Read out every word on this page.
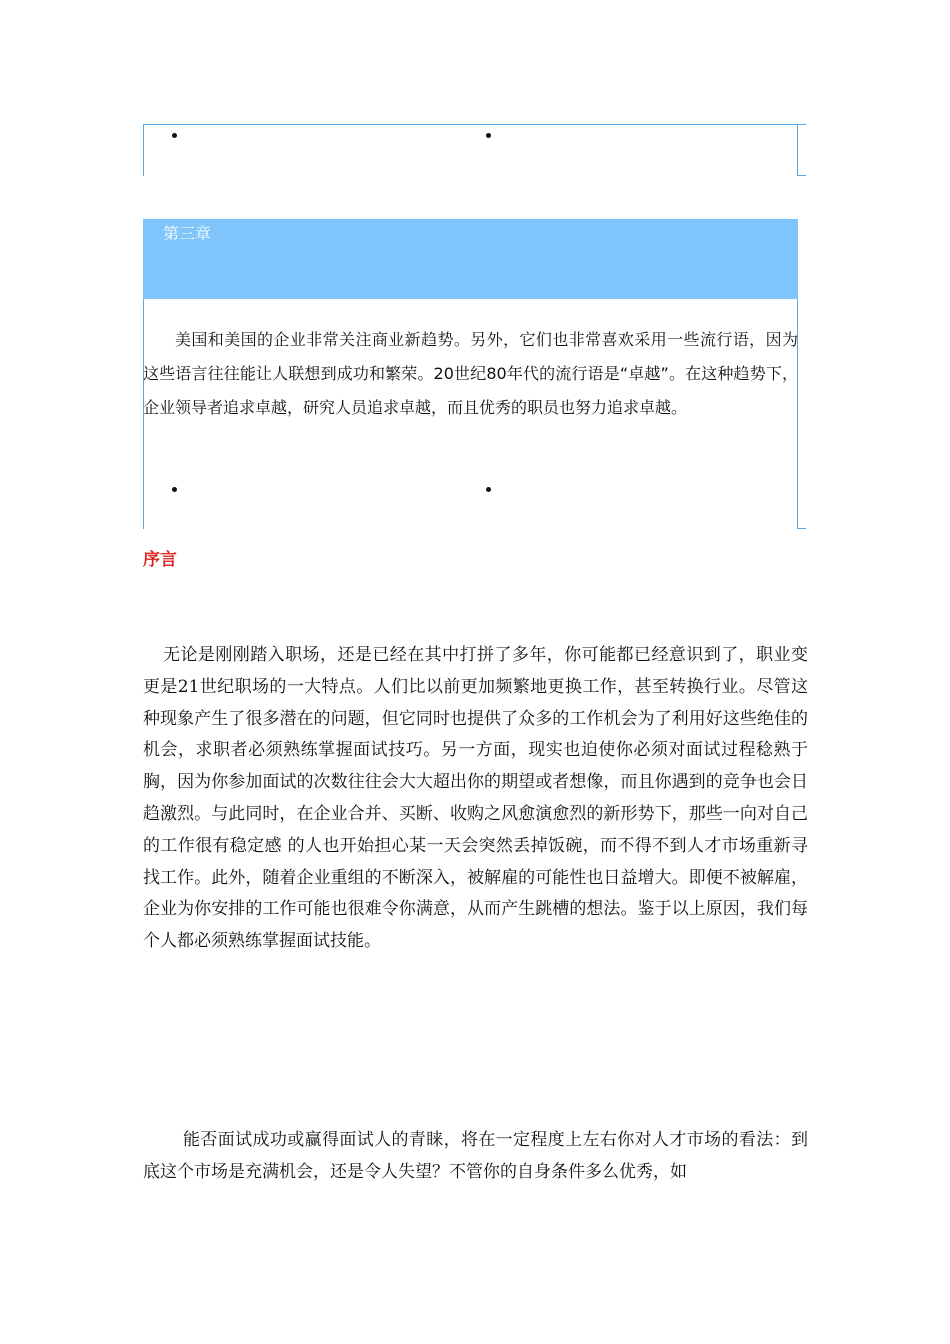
第三章

美国和美国的企业非常关注商业新趋势。另外，它们也非常喜欢采用一些流行语，因为这些语言往往能让人联想到成功和繁荣。20世纪80年代的流行语是“卓越”。在这种趋势下，企业领导者追求卓越，研究人员追求卓越，而且优秀的职员也努力追求卓越。

序言

无论是刚刚踏入职场，还是已经在其中打拼了多年，你可能都已经意识到了，职业变更是21世纪职场的一大特点。人们比以前更加频繁地更换工作，甚至转换行业。尽管这种现象产生了很多潜在的问题，但它同时也提供了众多的工作机会为了利用好这些绝佳的机会，求职者必须熟练掌握面试技巧。另一方面，现实也迫使你必须对面试过程稔熟于胸，因为你参加面试的次数往往会大大超出你的期望或者想像，而且你遇到的竞争也会日趋激烈。与此同时，在企业合并、买断、收购之风愈演愈烈的新形势下，那些一向对自己的工作很有稳定感 的人也开始担心某一天会突然丢掉饭碗，而不得不到人才市场重新寻找工作。此外，随着企业重组的不断深入，被解雇的可能性也日益增大。即便不被解雇，企业为你安排的工作可能也很难令你满意，从而产生跳槽的想法。鉴于以上原因，我们每个人都必须熟练掌握面试技能。

能否面试成功或赢得面试人的青睐，将在一定程度上左右你对人才市场的看法：到底这个市场是充满机会，还是令人失望？不管你的自身条件多么优秀，如
